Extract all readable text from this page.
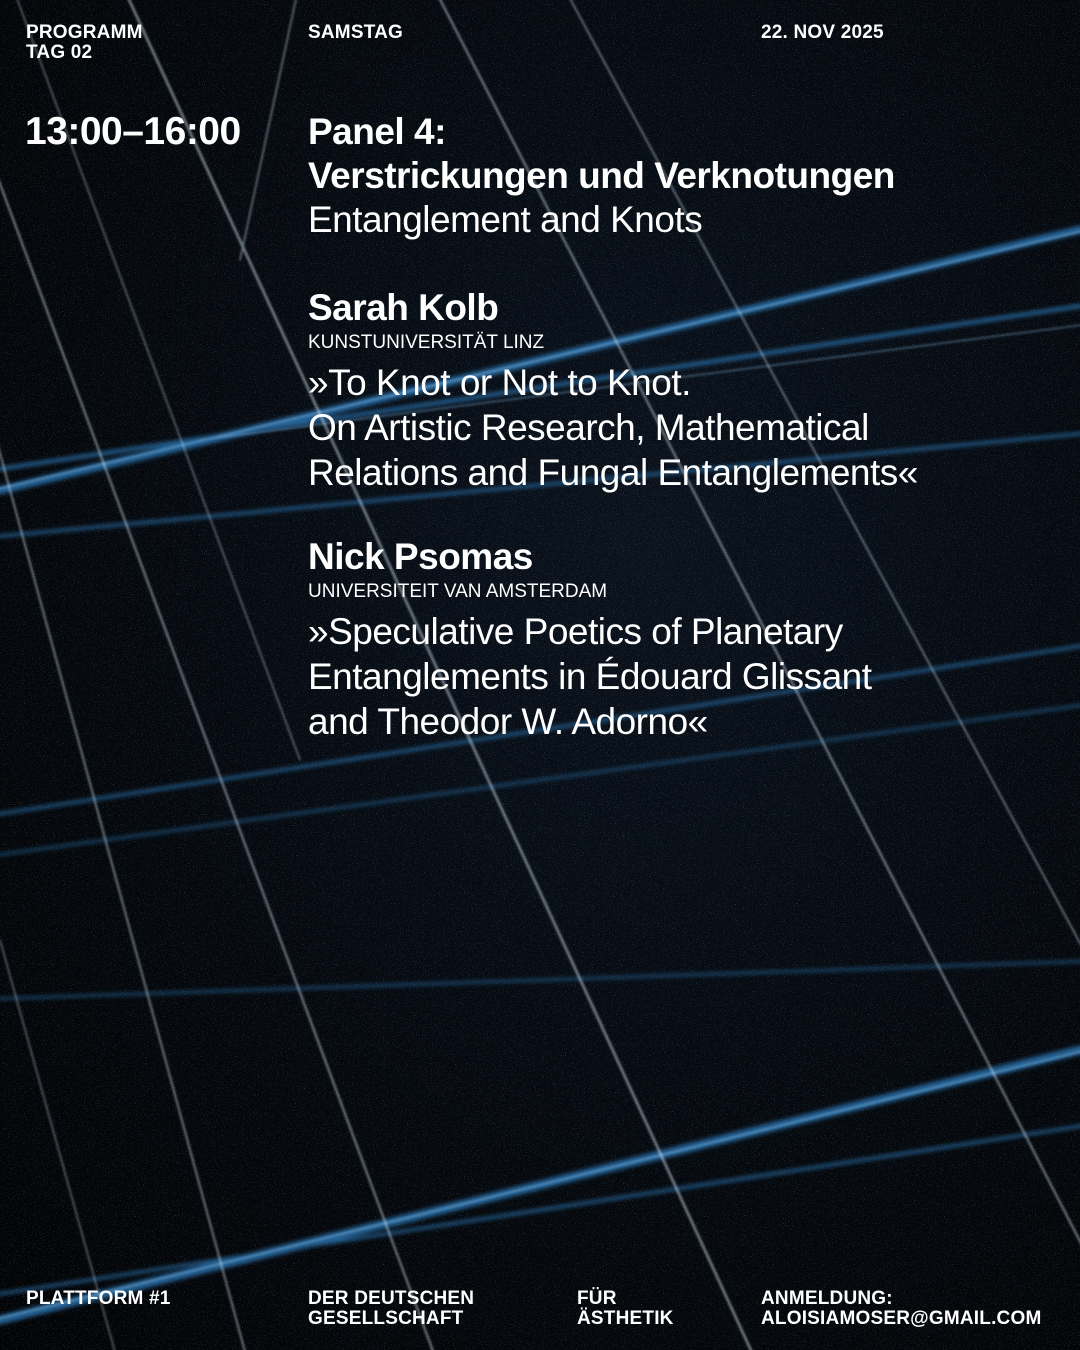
PROGRAMM
TAG 02
SAMSTAG	22. NOV 2025
13:00–16:00 Panel 4:
Verstrickungen und Verknotungen
Entanglement and Knots
Sarah Kolb
KUNSTUNIVERSITÄT LINZ
»To Knot or Not to Knot.
On Artistic Research, Mathematical
Relations and Fungal Entanglements«
Nick Psomas
UNIVERSITEIT VAN AMSTERDAM
»Speculative Poetics of Planetary
Entanglements in Édouard Glissant
and Theodor W. Adorno«
PLATTFORM #1	DER DEUTSCHEN
GESELLSCHAFT
FÜR
ÄSTHETIK
ANMELDUNG:
ALOISIAMOSER@GMAIL.COM
